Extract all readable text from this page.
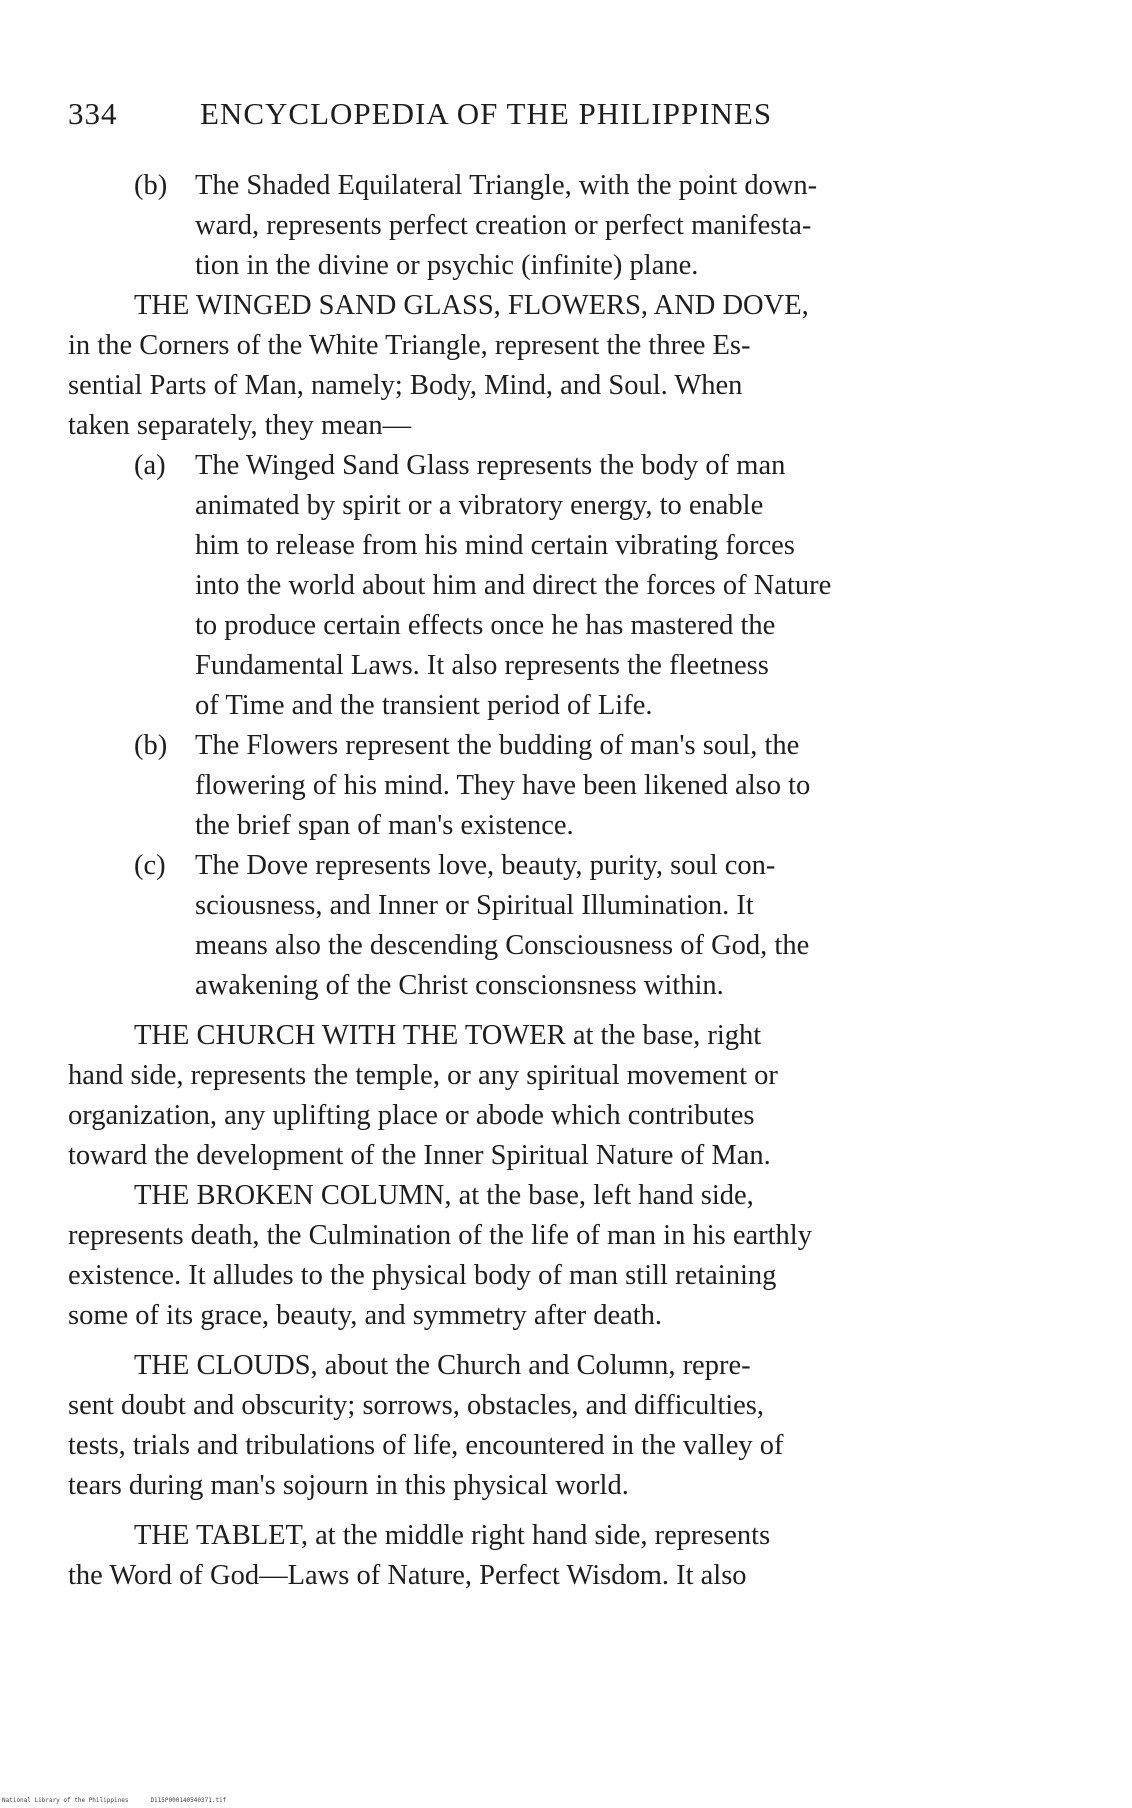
334	ENCYCLOPEDIA OF THE PHILIPPINES
(b) The Shaded Equilateral Triangle, with the point down-
ward, represents perfect creation or perfect manifesta-
tion in the divine or psychic (infinite) plane.
THE WINGED SAND GLASS, FLOWERS, AND DOVE,
in the Corners of the White Triangle, represent the three Es-
sential Parts of Man, namely; Body, Mind, and Soul. When
taken separately, they mean—
(a) The Winged Sand Glass represents the body of man
animated by spirit or a vibratory energy, to enable
him to release from his mind certain vibrating forces
into the world about him and direct the forces of Nature
to produce certain effects once he has mastered the
Fundamental Laws. It also represents the fleetness
of Time and the transient period of Life.
(b) The Flowers represent the budding of man's soul, the
flowering of his mind. They have been likened also to
the brief span of man's existence.
(c) The Dove represents love, beauty, purity, soul con-
sciousness, and Inner or Spiritual Illumination. It
means also the descending Consciousness of God, the
awakening of the Christ conscionsness within.
THE CHURCH WITH THE TOWER at the base, right
hand side, represents the temple, or any spiritual movement or
organization, any uplifting place or abode which contributes
toward the development of the Inner Spiritual Nature of Man.
THE BROKEN COLUMN, at the base, left hand side,
represents death, the Culmination of the life of man in his earthly
existence. It alludes to the physical body of man still retaining
some of its grace, beauty, and symmetry after death.
THE CLOUDS, about the Church and Column, repre-
sent doubt and obscurity; sorrows, obstacles, and difficulties,
tests, trials and tribulations of life, encountered in the valley of
tears during man's sojourn in this physical world.
THE TABLET, at the middle right hand side, represents
the Word of God—Laws of Nature, Perfect Wisdom. It also
National Library of the Philippines	D115P000140540371.tif
